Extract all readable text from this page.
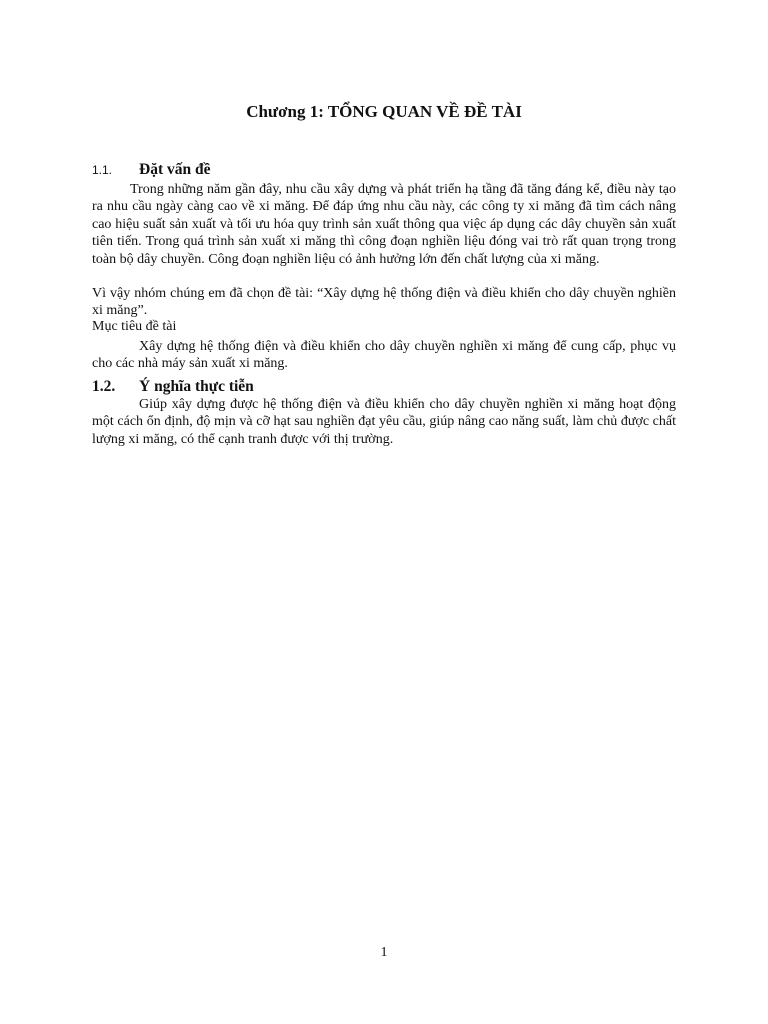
Chương 1: TỔNG QUAN VỀ ĐỀ TÀI
1.1. Đặt vấn đề

Trong những năm gần đây, nhu cầu xây dựng và phát triển hạ tầng đã tăng đáng kể, điều này tạo ra nhu cầu ngày càng cao về xi măng. Để đáp ứng nhu cầu này, các công ty xi măng đã tìm cách nâng cao hiệu suất sản xuất và tối ưu hóa quy trình sản xuất thông qua việc áp dụng các dây chuyền sản xuất tiên tiến. Trong quá trình sản xuất xi măng thì công đoạn nghiền liệu đóng vai trò rất quan trọng trong toàn bộ dây chuyền. Công đoạn nghiền liệu có ảnh hưởng lớn đến chất lượng của xi măng.

Vì vậy nhóm chúng em đã chọn đề tài: “Xây dựng hệ thống điện và điều khiển cho dây chuyền nghiền xi măng”.

Mục tiêu đề tài

Xây dựng hệ thống điện và điều khiển cho dây chuyền nghiền xi măng để cung cấp, phục vụ cho các nhà máy sản xuất xi măng.

1.2. Ý nghĩa thực tiễn

Giúp xây dựng được hệ thống điện và điều khiển cho dây chuyền nghiền xi măng hoạt động một cách ổn định, độ mịn và cỡ hạt sau nghiền đạt yêu cầu, giúp nâng cao năng suất, làm chủ được chất lượng xi măng, có thể cạnh tranh được với thị trường.

1
